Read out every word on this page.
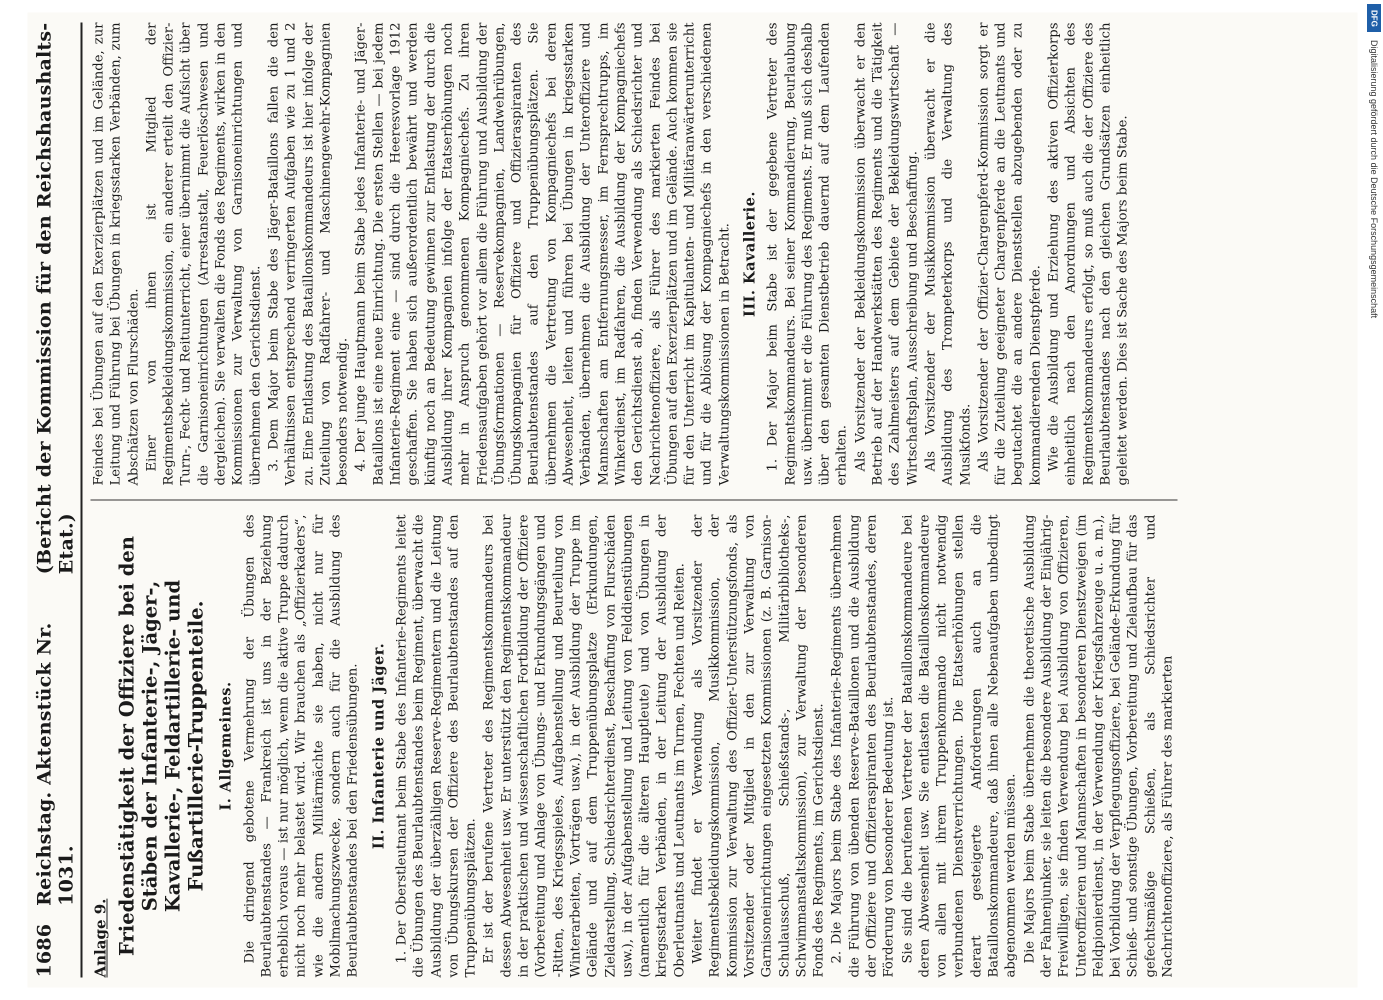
1686
Reichstag. Aktenstück Nr. 1031.
(Bericht der Kommission für den Reichshaushalts-Etat.)
Anlage 9. Friedenstätigkeit der Offiziere bei den Stäben der Infanterie-, Jäger-, Kavallerie-, Feldartillerie- und Fußartillerie-Truppenteile. I. Allgemeines. Die dringend gebotene Vermehrung der Übungen des Beurlaubtenstandes — Frankreich ist uns in der Beziehung erheblich voraus — ist nur möglich, wenn die aktive Truppe dadurch nicht noch mehr belastet wird. Wir brauchen als „Offizierkaders“, wie die andern Militärmächte sie haben, nicht nur für Mobilmachungszwecke, sondern auch für die Ausbildung des Beurlaubtenstandes bei den Friedensübungen. II. Infanterie und Jäger. 1. Der Oberstleutnant beim Stabe des Infanterie-Regiments leitet die Übungen des Beurlaubtenstandes beim Regiment, überwacht die Ausbildung der überzähligen Reserve-Regimentern und die Leitung von Übungskursen der Offiziere des Beurlaubtenstandes auf den Truppenübungsplätzen. Er ist der berufene Vertreter des Regimentskommandeurs bei dessen Abwesenheit usw. Er unterstützt den Regimentskommandeur in der praktischen und wissenschaftlichen Fortbildung der Offiziere (Vorbereitung und Anlage von Übungs- und Erkundungsgängen und -Ritten, des Kriegsspieles, Aufgabenstellung und Beurteilung von Winterarbeiten, Vorträgen usw.), in der Ausbildung der Truppe im Gelände und auf dem Truppenübungsplatze (Erkundungen, Zieldarstellung, Schiedsrichterdienst, Beschaffung von Flurschäden usw.), in der Aufgabenstellung und Leitung von Felddienstübungen (namentlich für die älteren Hauptleute) und von Übungen in kriegsstarken Verbänden, in der Leitung der Ausbildung der Oberleutnants und Leutnants im Turnen, Fechten und Reiten. Weiter findet er Verwendung als Vorsitzender der Regimentsbekleidungskommission, Musikkommission, der Kommission zur Verwaltung des Offizier-Unterstützungsfonds, als Vorsitzender oder Mitglied in den zur Verwaltung von Garnisoneinrichtungen eingesetzten Kommissionen (z. B. Garnison-Schulausschuß, Schießstands-, Militärbibliotheks-, Schwimmanstaltskommission), zur Verwaltung der besonderen Fonds des Regiments, im Gerichtsdienst. 2. Die Majors beim Stabe des Infanterie-Regiments übernehmen die Führung von übenden Reserve-Bataillonen und die Ausbildung der Offiziere und Offizieraspiranten des Beurlaubtenstandes, deren Förderung von besonderer Bedeutung ist. Sie sind die berufenen Vertreter der Bataillonskommandeure bei deren Abwesenheit usw. Sie entlasten die Bataillonskommandeure von allen mit ihrem Truppenkommando nicht notwendig verbundenen Dienstverrichtungen. Die Etatserhöhungen stellen derart gesteigerte Anforderungen auch an die Bataillonskommandeure, daß ihnen alle Nebenaufgaben unbedingt abgenommen werden müssen. Die Majors beim Stabe übernehmen die theoretische Ausbildung der Fahnenjunker, sie leiten die besondere Ausbildung der Einjährig-Freiwilligen, sie finden Verwendung bei Ausbildung von Offizieren, Unteroffizieren und Mannschaften in besonderen Dienstzweigen (im Feldpionierdienst, in der Verwendung der Kriegsfahrzeuge u. a. m.), bei Vorbildung der Verpflegungsoffiziere, bei Gelände-Erkundung für Schieß- und sonstige Übungen, Vorbereitung und Zielaufbau für das gefechtsmäßige Schießen, als Schiedsrichter und Nachrichtenoffiziere, als Führer des markierten

Feindes bei Übungen auf den Exerzierplätzen und im Gelände, zur Leitung und Führung bei Übungen in kriegsstarken Verbänden, zum Abschätzen von Flurschäden. Einer von ihnen ist Mitglied der Regimentsbekleidungskommission, ein anderer erteilt den Offizier-Turn-, Fecht- und Reitunterricht, einer übernimmt die Aufsicht über die Garnisoneinrichtungen (Arrestanstalt, Feuerlöschwesen und dergleichen). Sie verwalten die Fonds des Regiments, wirken in den Kommissionen zur Verwaltung von Garnisoneinrichtungen und übernehmen den Gerichtsdienst. 3. Dem Major beim Stabe des Jäger-Bataillons fallen die den Verhältnissen entsprechend verringerten Aufgaben wie zu 1 und 2 zu. Eine Entlastung des Bataillonskommandeurs ist hier infolge der Zuteilung von Radfahrer- und Maschinengewehr-Kompagnien besonders notwendig. 4. Der junge Hauptmann beim Stabe jedes Infanterie- und Jäger-Bataillons ist eine neue Einrichtung. Die ersten Stellen — bei jedem Infanterie-Regiment eine — sind durch die Heeresvorlage 1912 geschaffen. Sie haben sich außerordentlich bewährt und werden künftig noch an Bedeutung gewinnen zur Entlastung der durch die Ausbildung ihrer Kompagnien infolge der Etatserhöhungen noch mehr in Anspruch genommenen Kompagniechefs. Zu ihren Friedensaufgaben gehört vor allem die Führung und Ausbildung der Übungsformationen — Reservekompagnien, Landwehrübungen, Übungskompagnien für Offiziere und Offizieraspiranten des Beurlaubtenstandes auf den Truppenübungsplätzen. Sie übernehmen die Vertretung von Kompagniechefs bei deren Abwesenheit, leiten und führen bei Übungen in kriegsstarken Verbänden, übernehmen die Ausbildung der Unteroffiziere und Mannschaften am Entfernungsmesser, im Fernsprechtrupps, im Winkerdienst, im Radfahren, die Ausbildung der Kompagniechefs den Gerichtsdienst ab, finden Verwendung als Schiedsrichter und Nachrichtenoffiziere, als Führer des markierten Feindes bei Übungen auf den Exerzierplätzen und im Gelände. Auch kommen sie für den Unterricht im Kapitulanten- und Militäranwärterunterricht und für die Ablösung der Kompagniechefs in den verschiedenen Verwaltungskommissionen in Betracht. III. Kavallerie. 1. Der Major beim Stabe ist der gegebene Vertreter des Regimentskommandeurs. Bei seiner Kommandierung, Beurlaubung usw. übernimmt er die Führung des Regiments. Er muß sich deshalb über den gesamten Dienstbetrieb dauernd auf dem Laufenden erhalten. Als Vorsitzender der Bekleidungskommission überwacht er den Betrieb auf der Handwerkstätten des Regiments und die Tätigkeit des Zahlmeisters auf dem Gebiete der Bekleidungswirtschaft — Wirtschaftsplan, Ausschreibung und Beschaffung. Als Vorsitzender der Musikkommission überwacht er die Ausbildung des Trompeterkorps und die Verwaltung des Musikfonds. Als Vorsitzender der Offizier-Chargenpferd-Kommission sorgt er für die Zuteilung geeigneter Chargenpferde an die Leutnants und begutachtet die an andere Dienststellen abzugebenden oder zu kommandierenden Dienstpferde. Wie die Ausbildung und Erziehung des aktiven Offizierkorps einheitlich nach den Anordnungen und Absichten des Regimentskommandeurs erfolgt, so muß auch die der Offiziere des Beurlaubtenstandes nach den gleichen Grundsätzen einheitlich geleitet werden. Dies ist Sache des Majors beim Stabe.

DFG
Digitalisierung gefördert durch die Deutsche Forschungsgemeinschaft
